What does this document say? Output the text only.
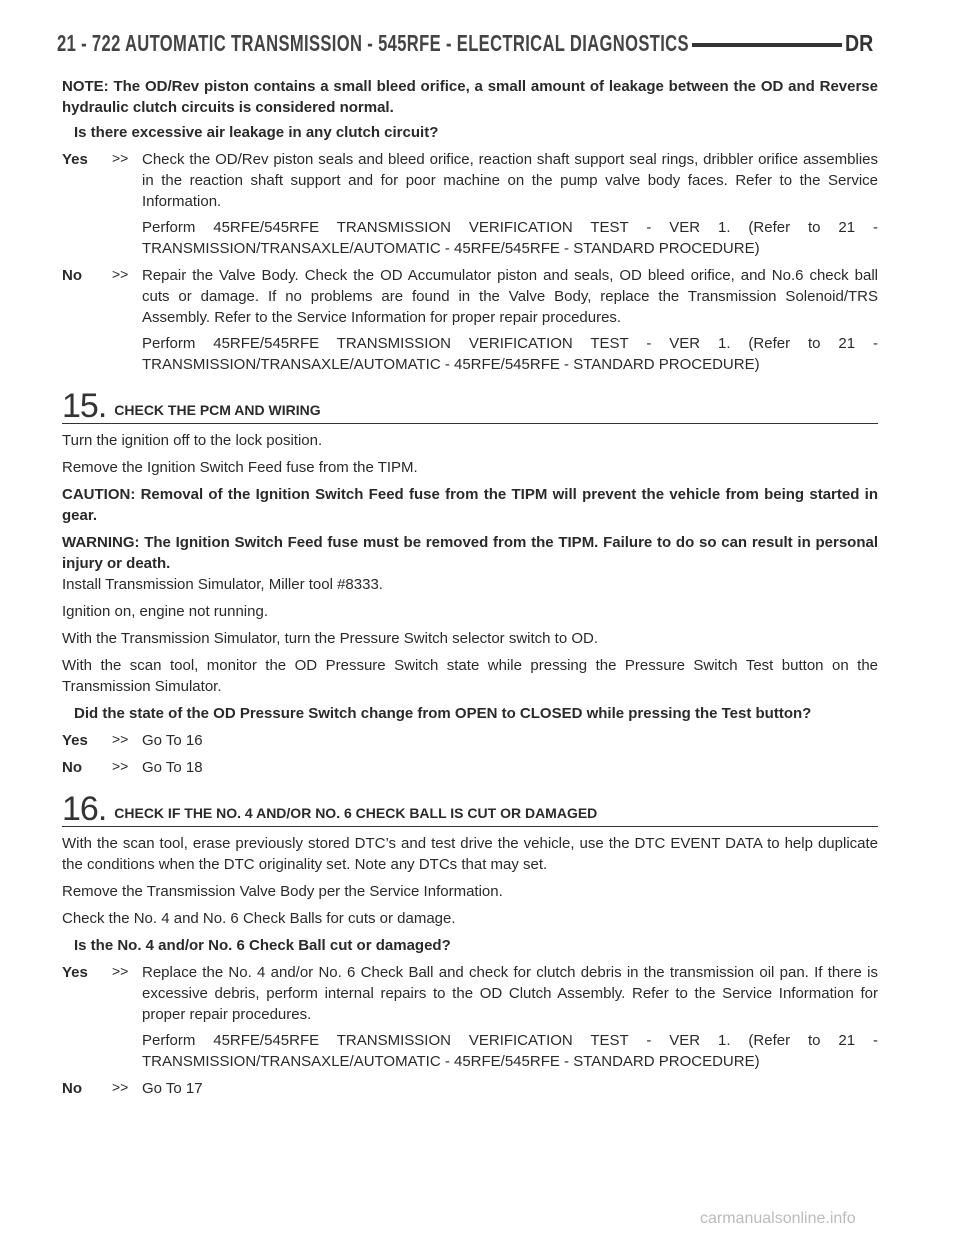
21 - 722 AUTOMATIC TRANSMISSION - 545RFE - ELECTRICAL DIAGNOSTICS	DR

NOTE: The OD/Rev piston contains a small bleed orifice, a small amount of leakage between the OD and Reverse hydraulic clutch circuits is considered normal.

Is there excessive air leakage in any clutch circuit?

Yes	>> Check the OD/Rev piston seals and bleed orifice, reaction shaft support seal rings, dribbler orifice assemblies in the reaction shaft support and for poor machine on the pump valve body faces. Refer to the Service Information.

Perform 45RFE/545RFE TRANSMISSION VERIFICATION TEST - VER 1. (Refer to 21 - TRANSMISSION/TRANSAXLE/AUTOMATIC - 45RFE/545RFE - STANDARD PROCEDURE)

No	>> Repair the Valve Body. Check the OD Accumulator piston and seals, OD bleed orifice, and No.6 check ball cuts or damage. If no problems are found in the Valve Body, replace the Transmission Solenoid/TRS Assembly. Refer to the Service Information for proper repair procedures.

Perform 45RFE/545RFE TRANSMISSION VERIFICATION TEST - VER 1. (Refer to 21 - TRANSMISSION/TRANSAXLE/AUTOMATIC - 45RFE/545RFE - STANDARD PROCEDURE)

15. CHECK THE PCM AND WIRING

Turn the ignition off to the lock position.

Remove the Ignition Switch Feed fuse from the TIPM.

CAUTION: Removal of the Ignition Switch Feed fuse from the TIPM will prevent the vehicle from being started in gear.

WARNING: The Ignition Switch Feed fuse must be removed from the TIPM. Failure to do so can result in personal injury or death.

Install Transmission Simulator, Miller tool #8333.

Ignition on, engine not running.

With the Transmission Simulator, turn the Pressure Switch selector switch to OD.

With the scan tool, monitor the OD Pressure Switch state while pressing the Pressure Switch Test button on the Transmission Simulator.

Did the state of the OD Pressure Switch change from OPEN to CLOSED while pressing the Test button?

Yes	>> Go To 16

No	>> Go To 18

16. CHECK IF THE NO. 4 AND/OR NO. 6 CHECK BALL IS CUT OR DAMAGED

With the scan tool, erase previously stored DTC’s and test drive the vehicle, use the DTC EVENT DATA to help duplicate the conditions when the DTC originality set. Note any DTCs that may set.

Remove the Transmission Valve Body per the Service Information.

Check the No. 4 and No. 6 Check Balls for cuts or damage.

Is the No. 4 and/or No. 6 Check Ball cut or damaged?

Yes	>> Replace the No. 4 and/or No. 6 Check Ball and check for clutch debris in the transmission oil pan. If there is excessive debris, perform internal repairs to the OD Clutch Assembly. Refer to the Service Information for proper repair procedures.

Perform 45RFE/545RFE TRANSMISSION VERIFICATION TEST - VER 1. (Refer to 21 - TRANSMISSION/TRANSAXLE/AUTOMATIC - 45RFE/545RFE - STANDARD PROCEDURE)

No	>> Go To 17

carmanualsonline.info
